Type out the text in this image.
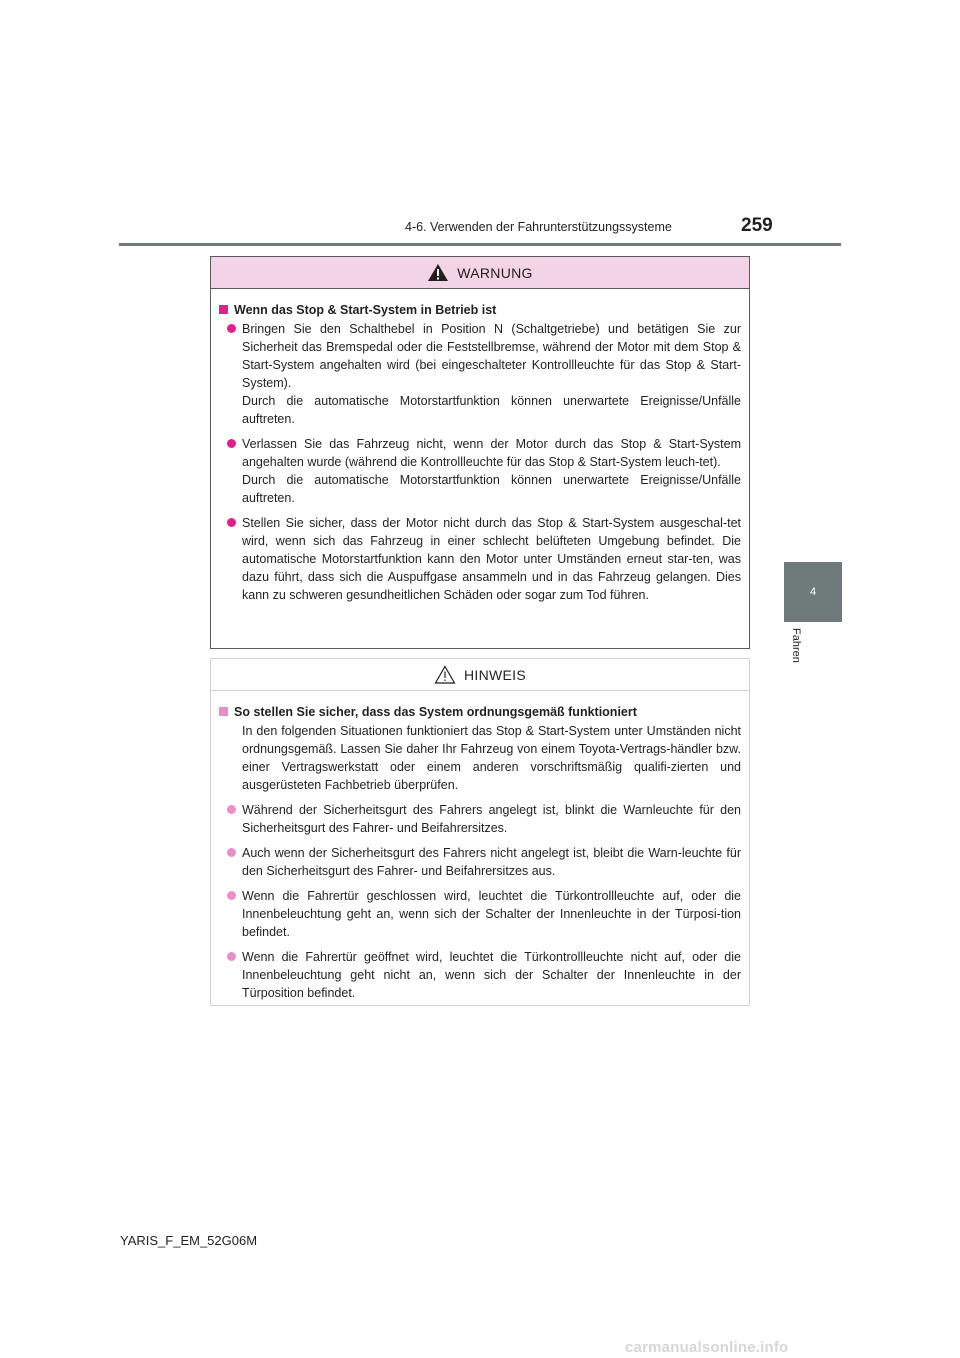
4-6. Verwenden der Fahrunterstützungssysteme	259
4
Fahren
WARNUNG
Wenn das Stop & Start-System in Betrieb ist

Bringen Sie den Schalthebel in Position N (Schaltgetriebe) und betätigen Sie zur Sicherheit das Bremspedal oder die Feststellbremse, während der Motor mit dem Stop & Start-System angehalten wird (bei eingeschalteter Kontrollleuchte für das Stop & Start-System).

Durch die automatische Motorstartfunktion können unerwartete Ereignisse/Unfälle auftreten.

Verlassen Sie das Fahrzeug nicht, wenn der Motor durch das Stop & Start-System angehalten wurde (während die Kontrollleuchte für das Stop & Start-System leuch-tet).

Durch die automatische Motorstartfunktion können unerwartete Ereignisse/Unfälle auftreten.

Stellen Sie sicher, dass der Motor nicht durch das Stop & Start-System ausgeschal-tet wird, wenn sich das Fahrzeug in einer schlecht belüfteten Umgebung befindet. Die automatische Motorstartfunktion kann den Motor unter Umständen erneut star-ten, was dazu führt, dass sich die Auspuffgase ansammeln und in das Fahrzeug gelangen. Dies kann zu schweren gesundheitlichen Schäden oder sogar zum Tod führen.

HINWEIS
So stellen Sie sicher, dass das System ordnungsgemäß funktioniert
In den folgenden Situationen funktioniert das Stop & Start-System unter Umständen nicht ordnungsgemäß. Lassen Sie daher Ihr Fahrzeug von einem Toyota-Vertrags-händler bzw. einer Vertragswerkstatt oder einem anderen vorschriftsmäßig qualifi-zierten und ausgerüsteten Fachbetrieb überprüfen.
Während der Sicherheitsgurt des Fahrers angelegt ist, blinkt die Warnleuchte für den Sicherheitsgurt des Fahrer- und Beifahrersitzes.
Auch wenn der Sicherheitsgurt des Fahrers nicht angelegt ist, bleibt die Warn-leuchte für den Sicherheitsgurt des Fahrer- und Beifahrersitzes aus.
Wenn die Fahrertür geschlossen wird, leuchtet die Türkontrollleuchte auf, oder die Innenbeleuchtung geht an, wenn sich der Schalter der Innenleuchte in der Türposi-tion befindet.
Wenn die Fahrertür geöffnet wird, leuchtet die Türkontrollleuchte nicht auf, oder die Innenbeleuchtung geht nicht an, wenn sich der Schalter der Innenleuchte in der Türposition befindet.
YARIS_F_EM_52G06M
carmanualsonline.info
